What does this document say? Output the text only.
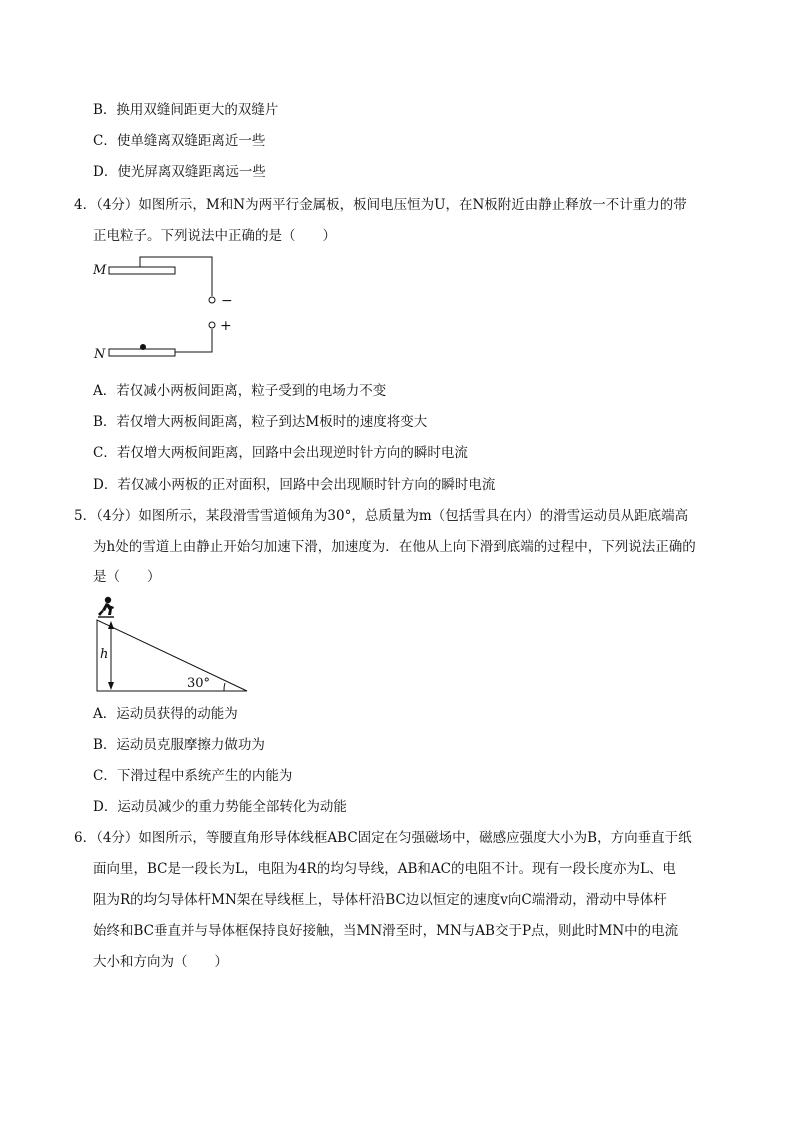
B．换用双缝间距更大的双缝片
C．使单缝离双缝距离近一些
D．使光屏离双缝距离远一些
4．（4分）如图所示，M和N为两平行金属板，板间电压恒为U，在N板附近由静止释放一不计重力的带
正电粒子。下列说法中正确的是（　　）
−
+
M
N
A．若仅减小两板间距离，粒子受到的电场力不变
B．若仅增大两板间距离，粒子到达M板时的速度将变大
C．若仅增大两板间距离，回路中会出现逆时针方向的瞬时电流
D．若仅减小两板的正对面积，回路中会出现顺时针方向的瞬时电流
5．（4分）如图所示，某段滑雪雪道倾角为30°，总质量为m（包括雪具在内）的滑雪运动员从距底端高
为h处的雪道上由静止开始匀加速下滑，加速度为．在他从上向下滑到底端的过程中，下列说法正确的
是（　　）
h
30°
A．运动员获得的动能为
B．运动员克服摩擦力做功为
C．下滑过程中系统产生的内能为
D．运动员减少的重力势能全部转化为动能
6．（4分）如图所示，等腰直角形导体线框ABC固定在匀强磁场中，磁感应强度大小为B，方向垂直于纸
面向里，BC是一段长为L，电阻为4R的均匀导线，AB和AC的电阻不计。现有一段长度亦为L、电
阻为R的均匀导体杆MN架在导线框上，导体杆沿BC边以恒定的速度v向C端滑动，滑动中导体杆
始终和BC垂直并与导体框保持良好接触，当MN滑至时，MN与AB交于P点，则此时MN中的电流
大小和方向为（　　）
